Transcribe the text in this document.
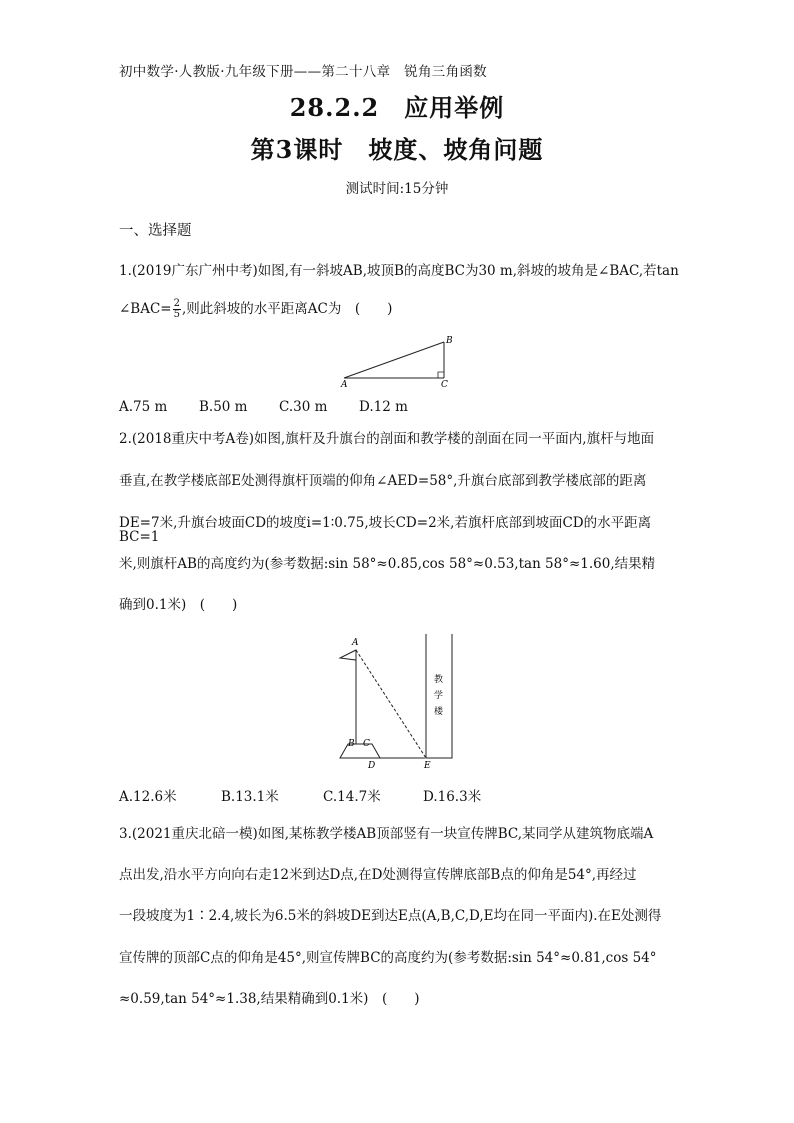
初中数学·人教版·九年级下册——第二十八章　锐角三角函数
28.2.2　应用举例
第3课时　坡度、坡角问题
测试时间:15分钟
一、选择题
1.(2019广东广州中考)如图,有一斜坡AB,坡顶B的高度BC为30 m,斜坡的坡角是∠BAC,若tan
∠BAC= $\frac{2}{5}$ ,则此斜坡的水平距离AC为　(　　)
A
B
C
A.75 m B.50 m C.30 m D.12 m
2.(2018重庆中考A卷)如图,旗杆及升旗台的剖面和教学楼的剖面在同一平面内,旗杆与地面
垂直,在教学楼底部E处测得旗杆顶端的仰角∠AED=58°,升旗台底部到教学楼底部的距离
DE=7米,升旗台坡面CD的坡度i=1∶0.75,坡长CD=2米,若旗杆底部到坡面CD的水平距离BC=1
米,则旗杆AB的高度约为(参考数据:sin 58°≈0.85,cos 58°≈0.53,tan 58°≈1.60,结果精
确到0.1米)　(　　)
教
学
楼
A
B C
D	E
A.12.6米	B.13.1米	C.14.7米	D.16.3米
3.(2021重庆北碚一模)如图,某栋教学楼AB顶部竖有一块宣传牌BC,某同学从建筑物底端A
点出发,沿水平方向向右走12米到达D点,在D处测得宣传牌底部B点的仰角是54°,再经过
一段坡度为1∶2.4,坡长为6.5米的斜坡DE到达E点(A,B,C,D,E均在同一平面内).在E处测得
宣传牌的顶部C点的仰角是45°,则宣传牌BC的高度约为(参考数据:sin 54°≈0.81,cos 54°
≈0.59,tan 54°≈1.38,结果精确到0.1米)　(　　)
